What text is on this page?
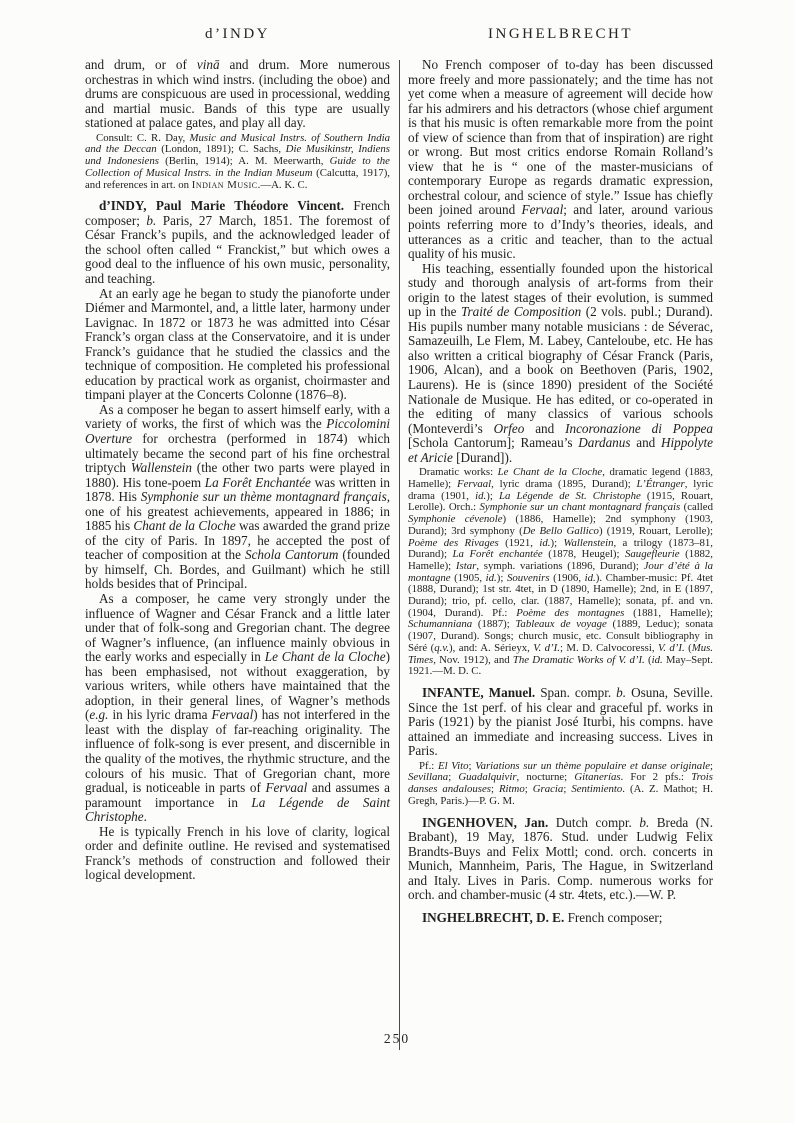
d’INDY	INGHELBRECHT

and drum, or of vinā and drum. More numerous orchestras in which wind instrs. (including the oboe) and drums are conspicuous are used in processional, wedding and martial music. Bands of this type are usually stationed at palace gates, and play all day.

Consult: C. R. Day, Music and Musical Instrs. of Southern India and the Deccan (London, 1891); C. Sachs, Die Musikinstr, Indiens und Indonesiens (Berlin, 1914); A. M. Meerwarth, Guide to the Collection of Musical Instrs. in the Indian Museum (Calcutta, 1917), and references in art. on Indian Music.—A. K. C.

d’INDY, Paul Marie Théodore Vincent. French composer; b. Paris, 27 March, 1851. The foremost of César Franck’s pupils, and the acknowledged leader of the school often called “ Franckist,” but which owes a good deal to the influence of his own music, personality, and teaching.

At an early age he began to study the pianoforte under Diémer and Marmontel, and, a little later, harmony under Lavignac. In 1872 or 1873 he was admitted into César Franck’s organ class at the Conservatoire, and it is under Franck’s guidance that he studied the classics and the technique of composition. He completed his professional education by practical work as organist, choirmaster and timpani player at the Concerts Colonne (1876–8).

As a composer he began to assert himself early, with a variety of works, the first of which was the Piccolomini Overture for orchestra (performed in 1874) which ultimately became the second part of his fine orchestral triptych Wallenstein (the other two parts were played in 1880). His tone-poem La Forêt Enchantée was written in 1878. His Symphonie sur un thème montagnard français, one of his greatest achievements, appeared in 1886; in 1885 his Chant de la Cloche was awarded the grand prize of the city of Paris. In 1897, he accepted the post of teacher of composition at the Schola Cantorum (founded by himself, Ch. Bordes, and Guilmant) which he still holds besides that of Principal.

As a composer, he came very strongly under the influence of Wagner and César Franck and a little later under that of folk-song and Gregorian chant. The degree of Wagner’s influence, (an influence mainly obvious in the early works and especially in Le Chant de la Cloche) has been emphasised, not without exaggeration, by various writers, while others have maintained that the adoption, in their general lines, of Wagner’s methods (e.g. in his lyric drama Fervaal) has not interfered in the least with the display of far-reaching originality. The influence of folk-song is ever present, and discernible in the quality of the motives, the rhythmic structure, and the colours of his music. That of Gregorian chant, more gradual, is noticeable in parts of Fervaal and assumes a paramount importance in La Légende de Saint Christophe.

He is typically French in his love of clarity, logical order and definite outline. He revised and systematised Franck’s methods of construction and followed their logical development.

No French composer of to-day has been discussed more freely and more passionately; and the time has not yet come when a measure of agreement will decide how far his admirers and his detractors (whose chief argument is that his music is often remarkable more from the point of view of science than from that of inspiration) are right or wrong. But most critics endorse Romain Rolland’s view that he is “ one of the master-musicians of contemporary Europe as regards dramatic expression, orchestral colour, and science of style.” Issue has chiefly been joined around Fervaal; and later, around various points referring more to d’Indy’s theories, ideals, and utterances as a critic and teacher, than to the actual quality of his music.

His teaching, essentially founded upon the historical study and thorough analysis of art-forms from their origin to the latest stages of their evolution, is summed up in the Traité de Composition (2 vols. publ.; Durand). His pupils number many notable musicians : de Séverac, Samazeuilh, Le Flem, M. Labey, Canteloube, etc. He has also written a critical biography of César Franck (Paris, 1906, Alcan), and a book on Beethoven (Paris, 1902, Laurens). He is (since 1890) president of the Société Nationale de Musique. He has edited, or co-operated in the editing of many classics of various schools (Monteverdi’s Orfeo and Incoronazione di Poppea [Schola Cantorum]; Rameau’s Dardanus and Hippolyte et Aricie [Durand]).

Dramatic works: Le Chant de la Cloche, dramatic legend (1883, Hamelle); Fervaal, lyric drama (1895, Durand); L’Étranger, lyric drama (1901, id.); La Légende de St. Christophe (1915, Rouart, Lerolle). Orch.: Symphonie sur un chant montagnard français (called Symphonie cévenole) (1886, Hamelle); 2nd symphony (1903, Durand); 3rd symphony (De Bello Gallico) (1919, Rouart, Lerolle); Poème des Rivages (1921, id.); Wallenstein, a trilogy (1873–81, Durand); La Forêt enchantée (1878, Heugel); Saugefleurie (1882, Hamelle); Istar, symph. variations (1896, Durand); Jour d’été à la montagne (1905, id.); Souvenirs (1906, id.). Chamber-music: Pf. 4tet (1888, Durand); 1st str. 4tet, in D (1890, Hamelle); 2nd, in E (1897, Durand); trio, pf. cello, clar. (1887, Hamelle); sonata, pf. and vn. (1904, Durand). Pf.: Poème des montagnes (1881, Hamelle); Schumanniana (1887); Tableaux de voyage (1889, Leduc); sonata (1907, Durand). Songs; church music, etc. Consult bibliography in Séré (q.v.), and: A. Sérieyx, V. d’I.; M. D. Calvocoressi, V. d’I. (Mus. Times, Nov. 1912), and The Dramatic Works of V. d’I. (id. May–Sept. 1921.—M. D. C.

INFANTE, Manuel. Span. compr. b. Osuna, Seville. Since the 1st perf. of his clear and graceful pf. works in Paris (1921) by the pianist José Iturbi, his compns. have attained an immediate and increasing success. Lives in Paris.

Pf.: El Vito; Variations sur un thème populaire et danse originale; Sevillana; Guadalquivir, nocturne; Gitanerías. For 2 pfs.: Trois danses andalouses; Ritmo; Gracia; Sentimiento. (A. Z. Mathot; H. Gregh, Paris.)—P. G. M.

INGENHOVEN, Jan. Dutch compr. b. Breda (N. Brabant), 19 May, 1876. Stud. under Ludwig Felix Brandts-Buys and Felix Mottl; cond. orch. concerts in Munich, Mannheim, Paris, The Hague, in Switzerland and Italy. Lives in Paris. Comp. numerous works for orch. and chamber-music (4 str. 4tets, etc.).—W. P.

INGHELBRECHT, D. E. French composer;

250
